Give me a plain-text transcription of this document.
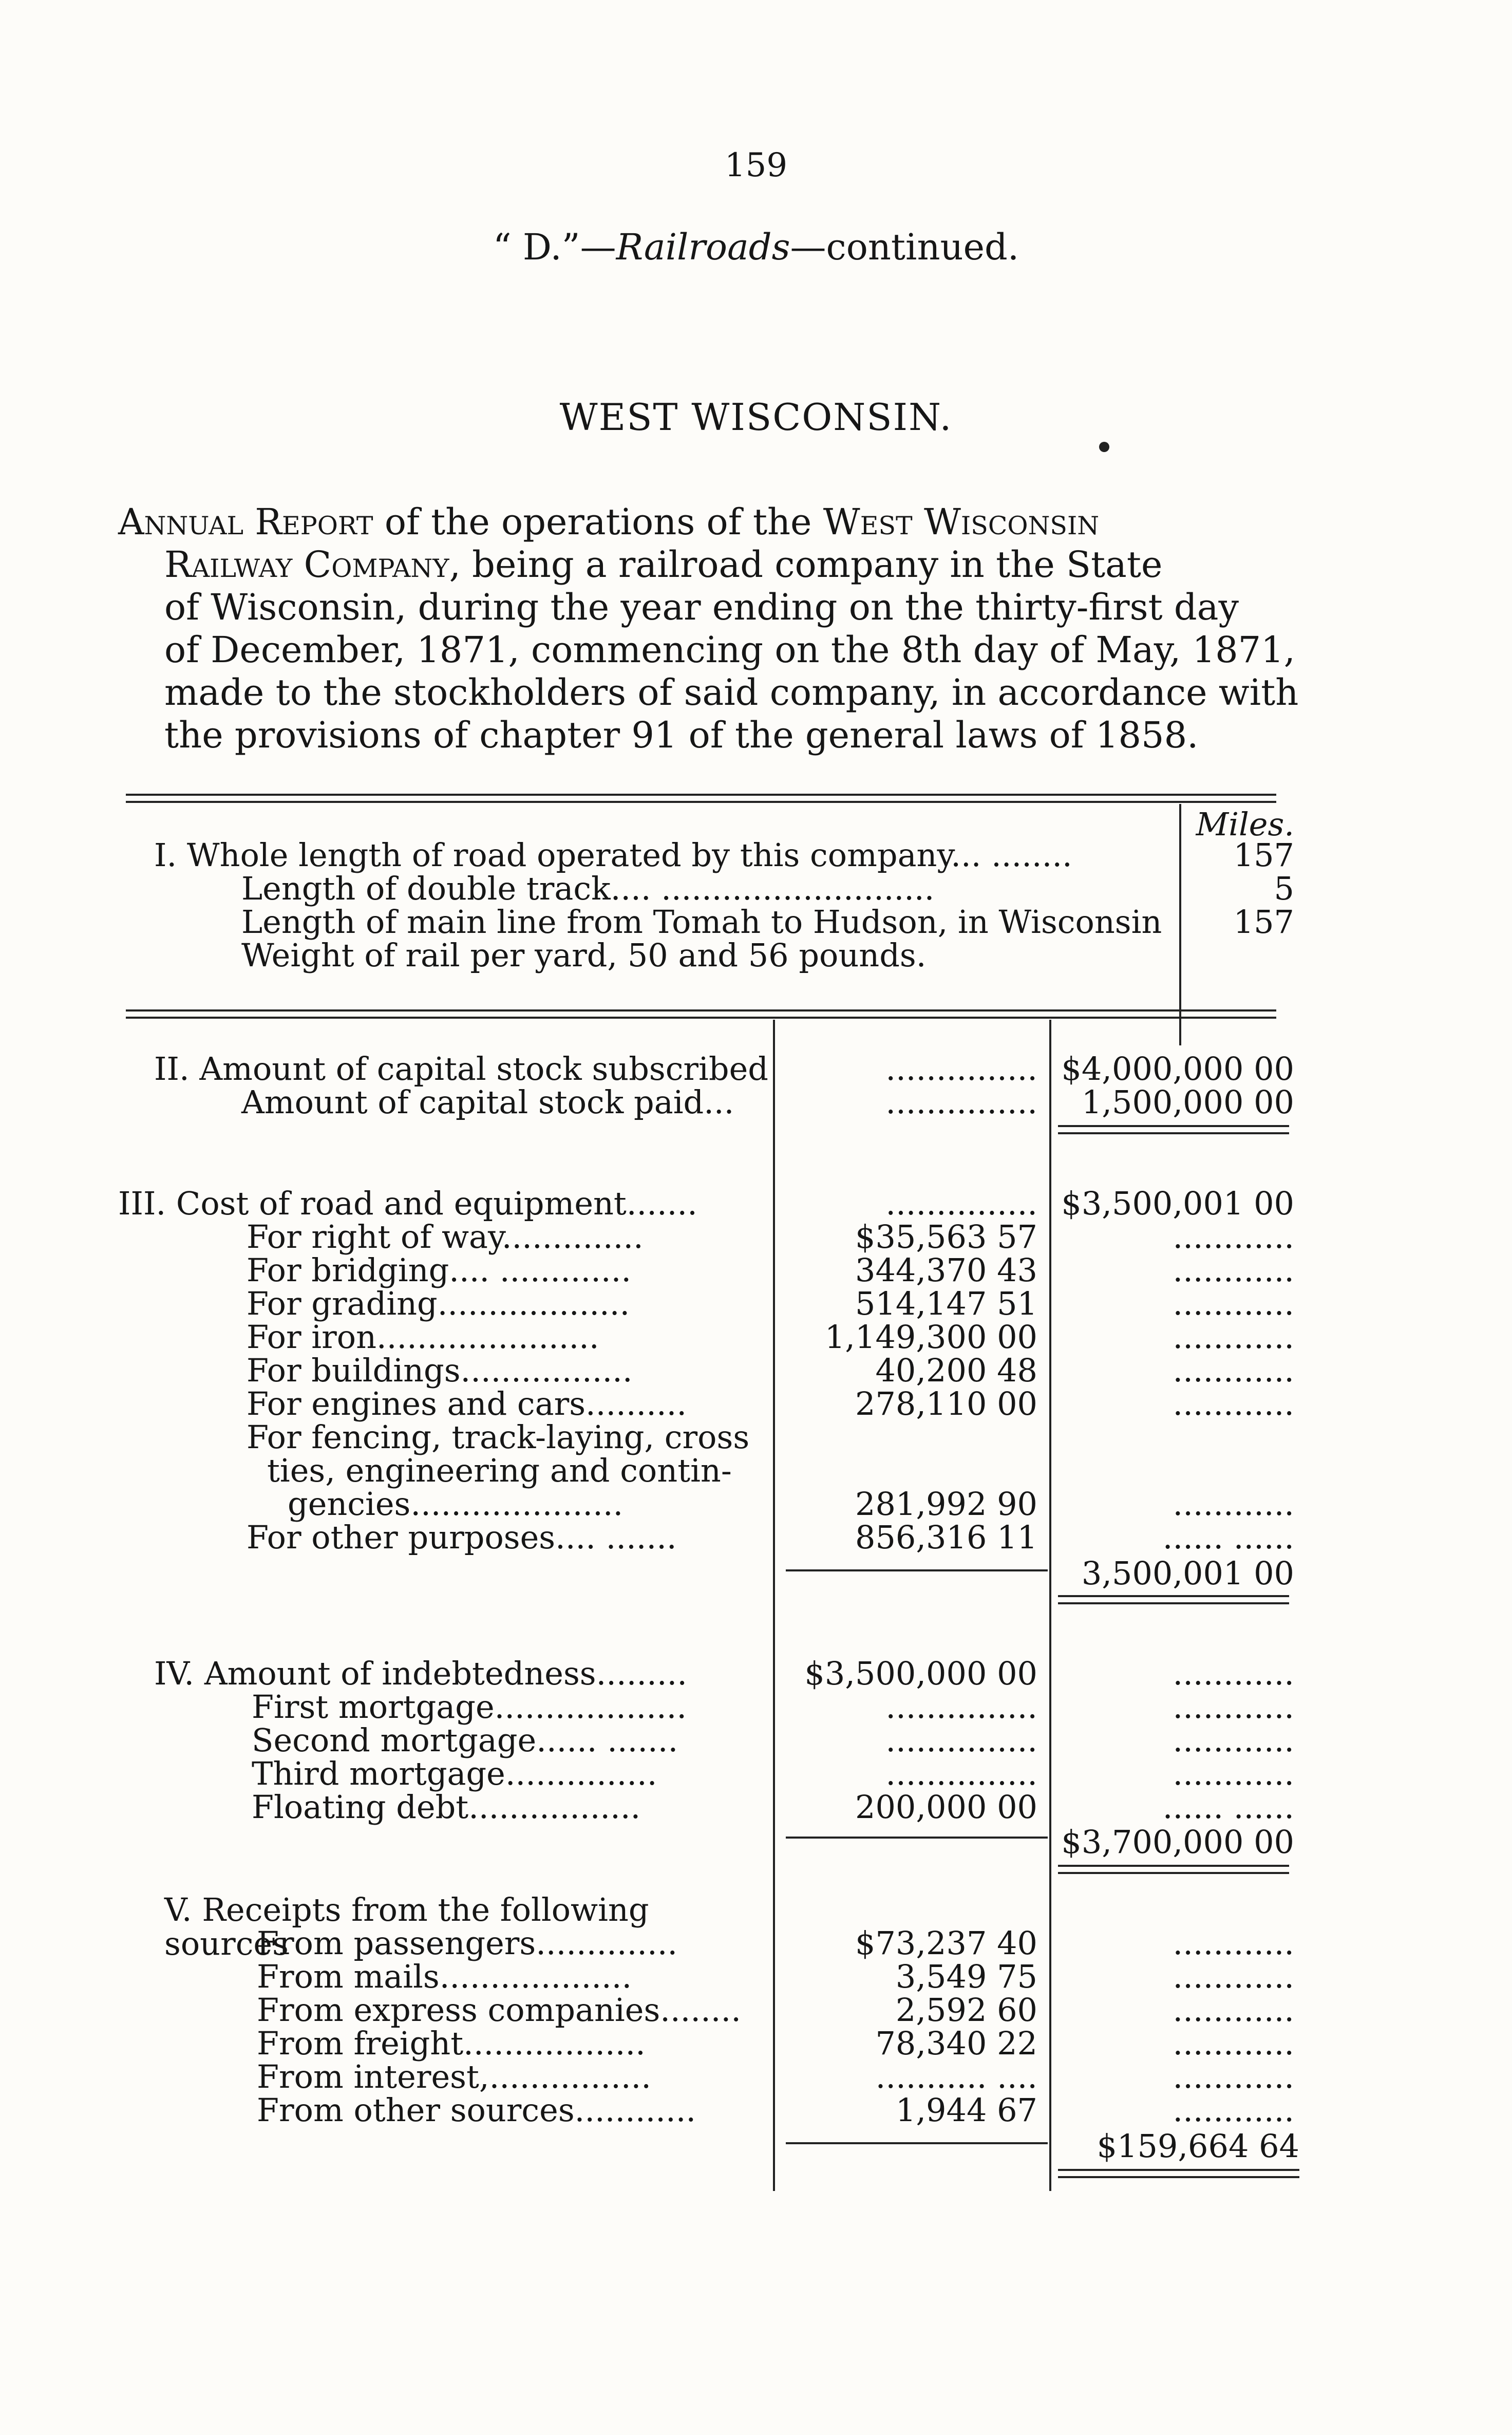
159
“ D.”—Railroads—continued.
WEST WISCONSIN.

Annual Report of the operations of the West Wisconsin

Railway Company, being a railroad company in the State

of Wisconsin, during the year ending on the thirty-first day

of December, 1871, commencing on the 8th day of May, 1871,

made to the stockholders of said company, in accordance with

the provisions of chapter 91 of the general laws of 1858.

Miles.
I. Whole length of road operated by this company... ........	157
Length of double track.... ...........................	5
Length of main line from Tomah to Hudson, in Wisconsin	157
Weight of rail per yard, 50 and 56 pounds.
II. Amount of capital stock subscribed	............... $4,000,000 00
Amount of capital stock paid...	...............	1,500,000 00
III. Cost of road and equipment.......	............... $3,500,001 00
For right of way..............	$35,563 57	............
For bridging.... .............	344,370 43	............
For grading...................	514,147 51	............
For iron......................	1,149,300 00	............
For buildings.................	40,200 48	............
For engines and cars..........	278,110 00	............
For fencing, track-laying, cross
ties, engineering and contin-
gencies.....................	281,992 90	............
For other purposes.... .......	856,316 11	...... ......
3,500,001 00
IV. Amount of indebtedness.........	$3,500,000 00	............
First mortgage...................	...............	............
Second mortgage...... .......	...............	............
Third mortgage...............	...............	............
Floating debt.................	200,000 00	...... ......
$3,700,000 00
V. Receipts from the following sources
From passengers..............	$73,237 40	............
From mails...................	3,549 75	............
From express companies........	2,592 60	............
From freight..................	78,340 22	............
From interest,................	........... ....	............
From other sources............	1,944 67	............
$159,664 64
